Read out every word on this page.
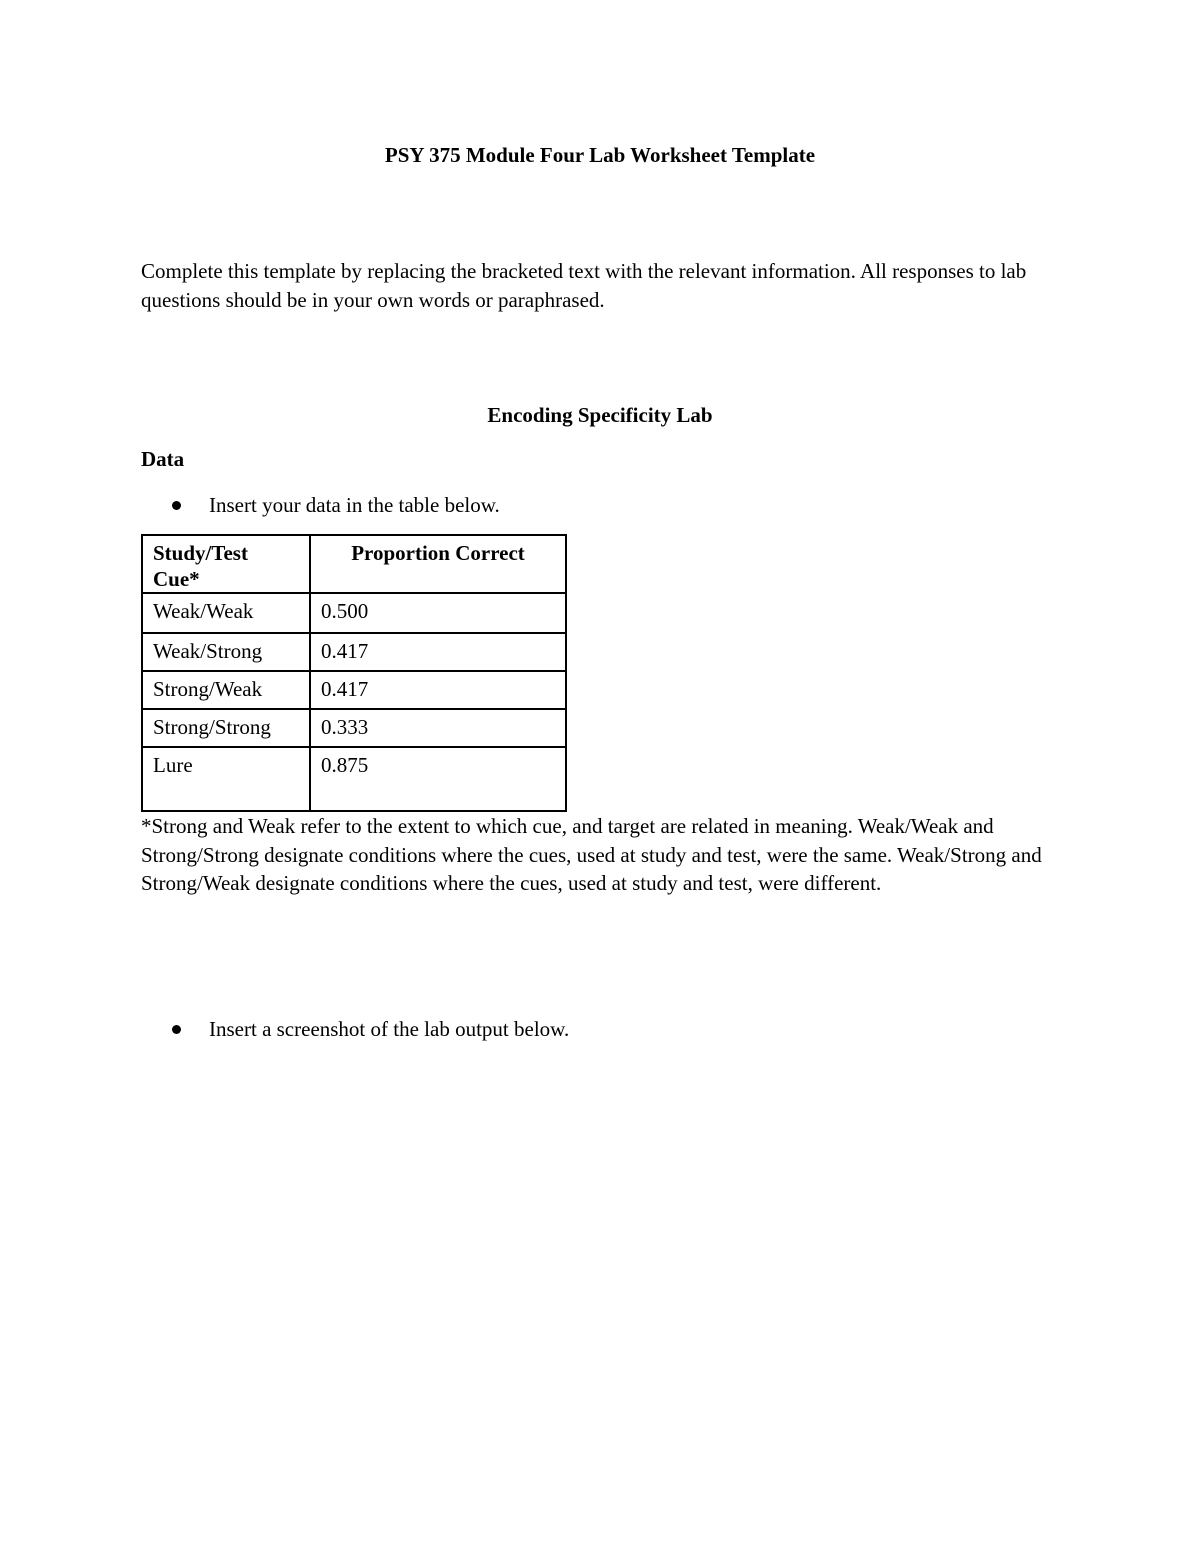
PSY 375 Module Four Lab Worksheet Template

Complete this template by replacing the bracketed text with the relevant information. All responses to lab questions should be in your own words or paraphrased.

Encoding Specificity Lab
Data
Insert your data in the table below.
Study/Test Cue*	Proportion Correct
Weak/Weak	0.500
Weak/Strong	0.417
Strong/Weak	0.417
Strong/Strong	0.333
Lure	0.875

*Strong and Weak refer to the extent to which cue, and target are related in meaning. Weak/Weak and Strong/Strong designate conditions where the cues, used at study and test, were the same. Weak/Strong and Strong/Weak designate conditions where the cues, used at study and test, were different.

Insert a screenshot of the lab output below.
